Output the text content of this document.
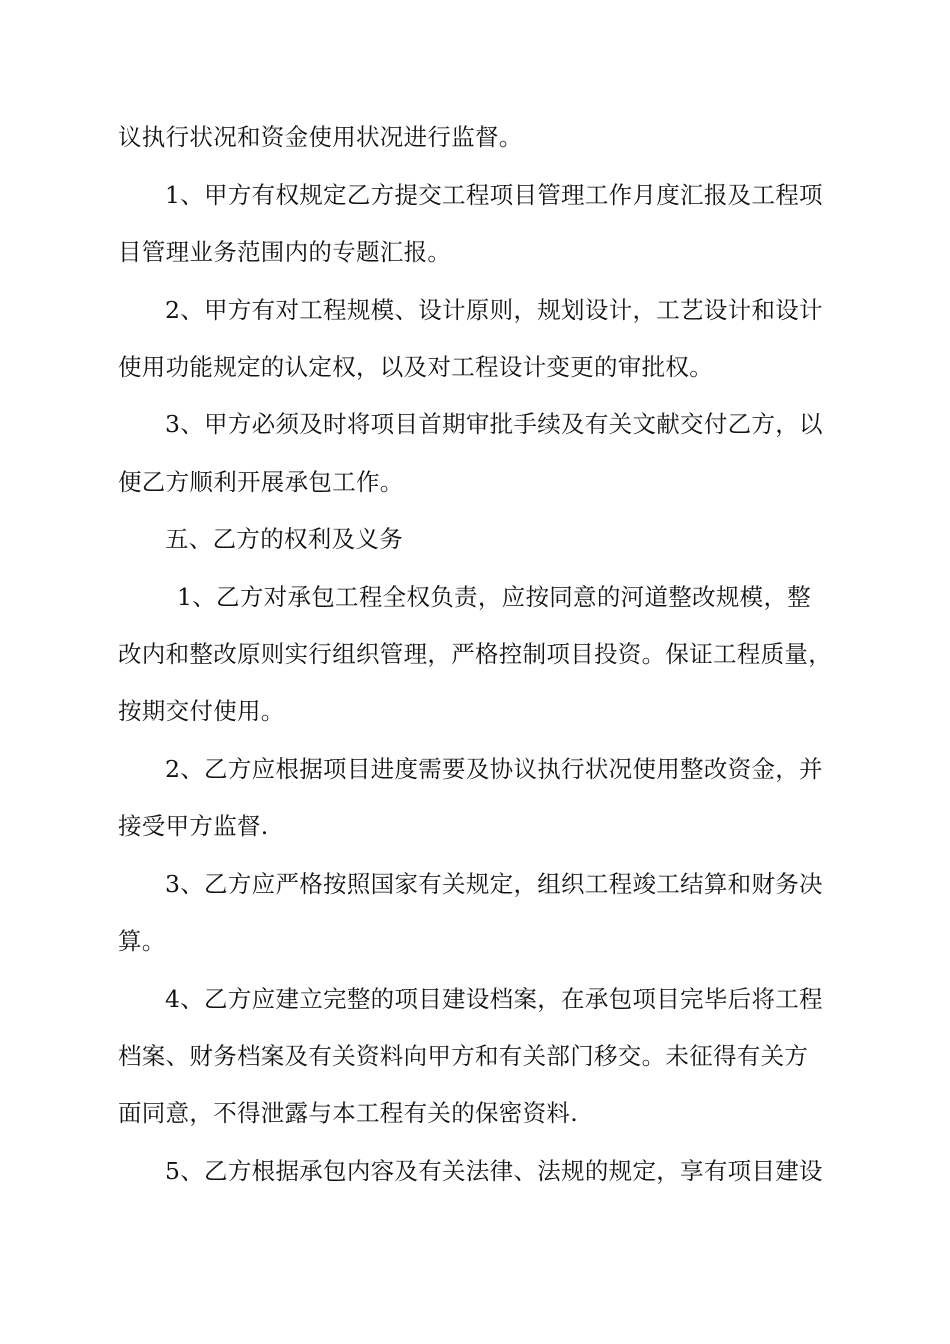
议执行状况和资金使用状况进行监督。
1、甲方有权规定乙方提交工程项目管理工作月度汇报及工程项
目管理业务范围内的专题汇报。
2、甲方有对工程规模、设计原则，规划设计，工艺设计和设计
使用功能规定的认定权，以及对工程设计变更的审批权。
3、甲方必须及时将项目首期审批手续及有关文献交付乙方，以
便乙方顺利开展承包工作。
五、乙方的权利及义务
1、乙方对承包工程全权负责，应按同意的河道整改规模，整
改内和整改原则实行组织管理，严格控制项目投资。保证工程质量，
按期交付使用。
2、乙方应根据项目进度需要及协议执行状况使用整改资金，并
接受甲方监督.
3、乙方应严格按照国家有关规定，组织工程竣工结算和财务决
算。
4、乙方应建立完整的项目建设档案，在承包项目完毕后将工程
档案、财务档案及有关资料向甲方和有关部门移交。未征得有关方
面同意，不得泄露与本工程有关的保密资料.
5、乙方根据承包内容及有关法律、法规的规定，享有项目建设
